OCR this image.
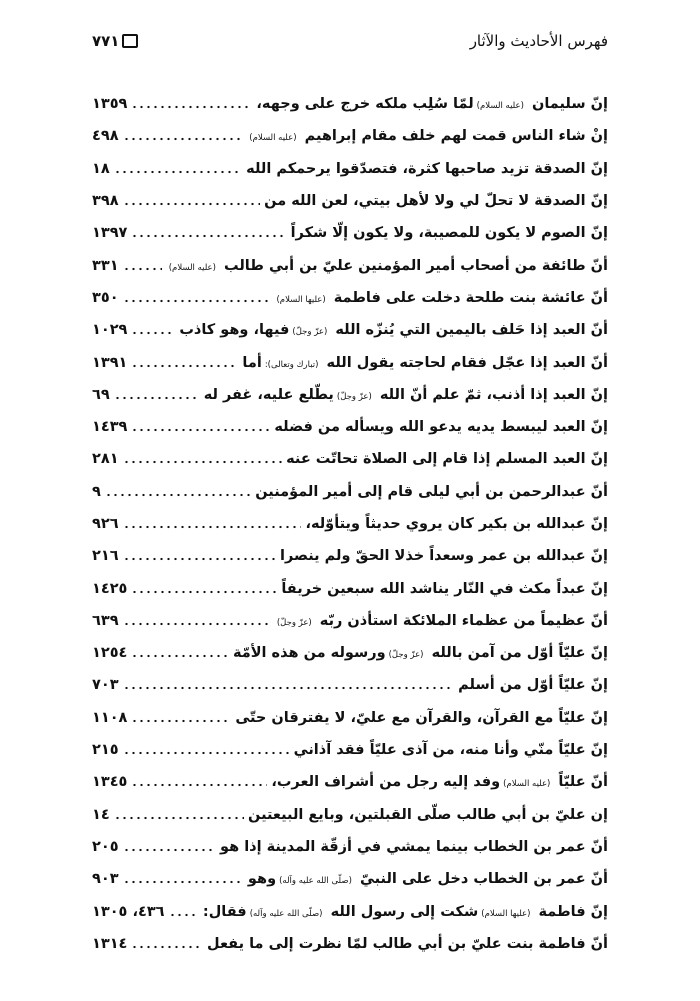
٧٧١	فهرس الأحاديث والآثار
إنّ سليمان (عليه السلام)لمّا سُلِب ملكه خرج على وجهه،
١٣٥٩
إنْ شاء الناس قمت لهم خلف مقام إبراهيم (عليه السلام)
٤٩٨
إنّ الصدقة تزيد صاحبها كثرة، فتصدّقوا يرحمكم الله
١٨
إنّ الصدقة لا تحلّ لي ولا لأهل بيتي، لعن الله من
٣٩٨
إنّ الصوم لا يكون للمصيبة، ولا يكون إلّا شكراً
١٣٩٧
أنّ طائفة من أصحاب أمير المؤمنين عليّ بن أبي طالب (عليه السلام)
٣٣١
أنّ عائشة بنت طلحة دخلت على فاطمة (عليها السلام)
٣٥٠
أنّ العبد إذا حَلف باليمين التي يُنزّه الله (عزّ وجلّ)فيها، وهو كاذب
١٠٢٩
أنّ العبد إذا عجّل فقام لحاجته يقول الله (تبارك وتعالى):أما
١٣٩١
إنّ العبد إذا أذنب، ثمّ علم أنّ الله (عزّ وجلّ)يطّلع عليه، غفر له
٦٩
إنّ العبد ليبسط يديه يدعو الله ويسأله من فضله
١٤٣٩
إنّ العبد المسلم إذا قام إلى الصلاة تحاتّت عنه
٢٨١
أنّ عبدالرحمن بن أبي ليلى قام إلى أمير المؤمنين
٩
إنّ عبدالله بن بكير كان يروي حديثاً ويتأوّله،
٩٢٦
إنّ عبدالله بن عمر وسعداً خذلا الحقّ ولم ينصرا
٢١٦
إنّ عبداً مكث في النّار يناشد الله سبعين خريفاً
١٤٢٥
أنّ عظيماً من عظماء الملائكة استأذن ربّه (عزّ وجلّ)
٦٣٩
إنّ عليّاً أوّل من آمن بالله (عزّ وجلّ)ورسوله من هذه الأمّة
١٢٥٤
إنّ عليّاً أوّل من أسلم
٧٠٣
إنّ عليّاً مع القرآن، والقرآن مع عليّ، لا يفترقان حتّى
١١٠٨
إنّ عليّاً منّي وأنا منه، من آذى عليّاً فقد آذاني
٢١٥
أنّ عليّاً (عليه السلام)وفد إليه رجل من أشراف العرب،
١٣٤٥
إن عليّ بن أبي طالب صلّى القبلتين، وبايع البيعتين
١٤
أنّ عمر بن الخطاب بينما يمشي في أزقّة المدينة إذا هو
٢٠٥
أنّ عمر بن الخطاب دخل على النبيّ (صلّى الله عليه وآله)وهو
٩٠٣
إنّ فاطمة (عليها السلام)شكت إلى رسول الله (صلّى الله عليه وآله)فقال:
٤٣٦، ١٣٠٥
أنّ فاطمة بنت عليّ بن أبي طالب لمّا نظرت إلى ما يفعل
١٣١٤
